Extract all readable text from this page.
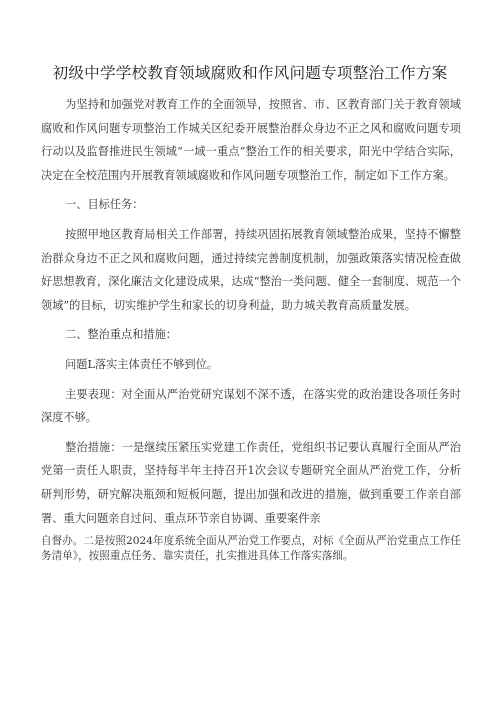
初级中学学校教育领域腐败和作风问题专项整治工作方案

为坚持和加强党对教育工作的全面领导，按照省、市、区教育部门关于教育领域腐败和作风问题专项整治工作城关区纪委开展整治群众身边不正之风和腐败问题专项行动以及监督推进民生领域“一域一重点”整治工作的相关要求，阳光中学结合实际，决定在全校范围内开展教育领域腐败和作风问题专项整治工作，制定如下工作方案。

一、目标任务：

按照甲地区教育局相关工作部署，持续巩固拓展教育领域整治成果，坚持不懈整治群众身边不正之风和腐败问题，通过持续完善制度机制，加强政策落实情况检查做好思想教育，深化廉洁文化建设成果，达成“整治一类问题、健全一套制度、规范一个领域”的目标，切实维护学生和家长的切身利益，助力城关教育高质量发展。

二、整治重点和措施：

问题L落实主体责任不够到位。

主要表现：对全面从严治党研究谋划不深不透，在落实党的政治建设各项任务时深度不够。

整治措施：一是继续压紧压实党建工作责任，党组织书记要认真履行全面从严治党第一责任人职责，坚持每半年主持召开1次会议专题研究全面从严治党工作，分析研判形势，研究解决瓶颈和短板问题，提出加强和改进的措施，做到重要工作亲自部署、重大问题亲自过问、重点环节亲自协调、重要案件亲

自督办。二是按照2024年度系统全面从严治党工作要点，对标《全面从严治党重点工作任务清单》，按照重点任务、靠实责任，扎实推进具体工作落实落细。
